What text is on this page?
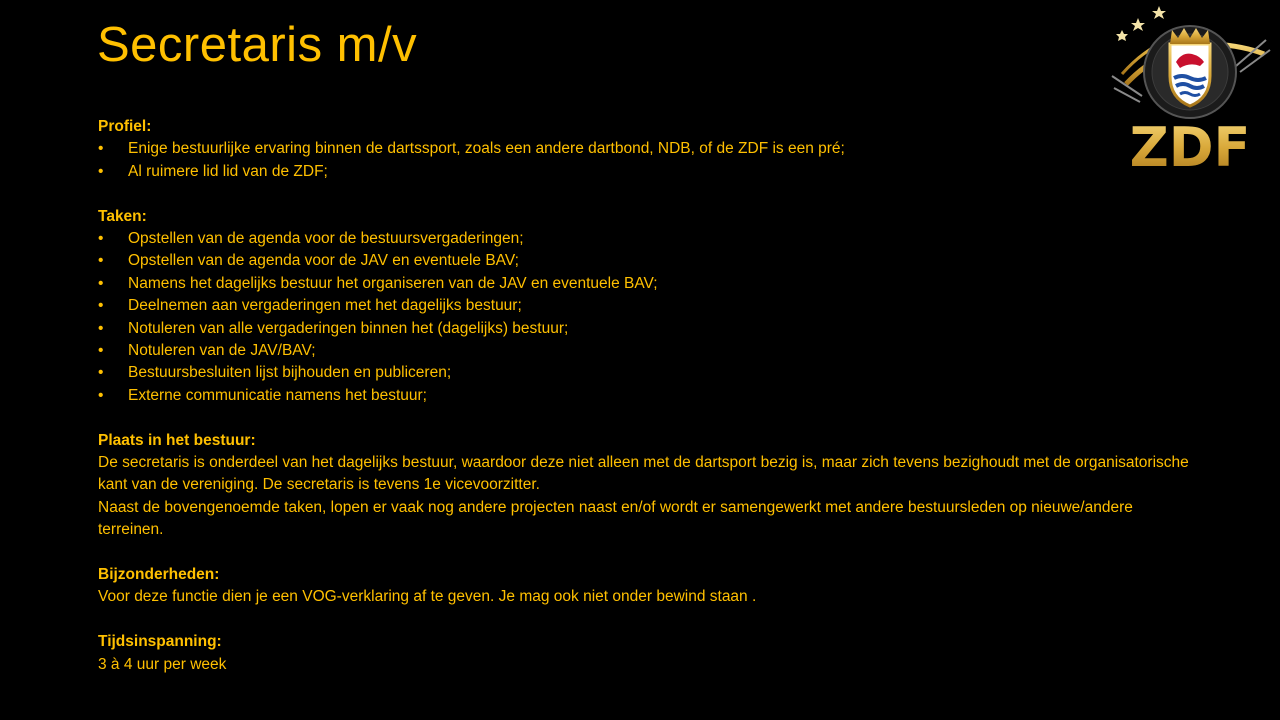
Secretaris m/v
ZDF
Profiel:
• Enige bestuurlijke ervaring binnen de dartssport, zoals een andere dartbond, NDB, of de ZDF is een pré;
• Al ruimere lid lid van de ZDF;
Taken:
• Opstellen van de agenda voor de bestuursvergaderingen;
• Opstellen van de agenda voor de JAV en eventuele BAV;
• Namens het dagelijks bestuur het organiseren van de JAV en eventuele BAV;
• Deelnemen aan vergaderingen met het dagelijks bestuur;
• Notuleren van alle vergaderingen binnen het (dagelijks) bestuur;
• Notuleren van de JAV/BAV;
• Bestuursbesluiten lijst bijhouden en publiceren;
• Externe communicatie namens het bestuur;
Plaats in het bestuur:

De secretaris is onderdeel van het dagelijks bestuur, waardoor deze niet alleen met de dartsport bezig is, maar zich tevens bezighoudt met de organisatorische kant van de vereniging. De secretaris is tevens 1e vicevoorzitter.

Naast de bovengenoemde taken, lopen er vaak nog andere projecten naast en/of wordt er samengewerkt met andere bestuursleden op nieuwe/andere terreinen.

Bijzonderheden:

Voor deze functie dien je een VOG-verklaring af te geven. Je mag ook niet onder bewind staan .

Tijdsinspanning:

3 à 4 uur per week
